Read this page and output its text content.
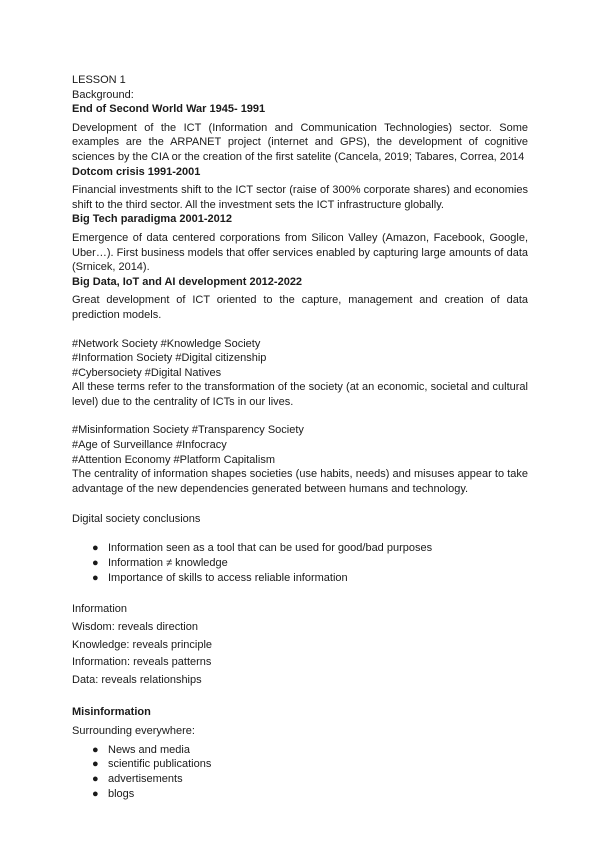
LESSON 1
Background:
End of Second World War 1945- 1991
Development of the ICT (Information and Communication Technologies) sector. Some examples are the ARPANET project (internet and GPS), the development of cognitive sciences by the CIA or the creation of the first satelite (Cancela, 2019; Tabares, Correa, 2014
Dotcom crisis 1991-2001
Financial investments shift to the ICT sector (raise of 300% corporate shares) and economies shift to the third sector. All the investment sets the ICT infrastructure globally.
Big Tech paradigma 2001-2012
Emergence of data centered corporations from Silicon Valley (Amazon, Facebook, Google, Uber…). First business models that offer services enabled by capturing large amounts of data (Srnicek, 2014).
Big Data, IoT and AI development 2012-2022
Great development of ICT oriented to the capture, management and creation of data prediction models.
#Network Society #Knowledge Society
#Information Society #Digital citizenship
#Cybersociety #Digital Natives
All these terms refer to the transformation of the society (at an economic, societal and cultural level) due to the centrality of ICTs in our lives.
#Misinformation Society #Transparency Society
#Age of Surveillance #Infocracy
#Attention Economy #Platform Capitalism
The centrality of information shapes societies (use habits, needs) and misuses appear to take advantage of the new dependencies generated between humans and technology.
Digital society conclusions
● Information seen as a tool that can be used for good/bad purposes
● Information ≠ knowledge
● Importance of skills to access reliable information
Information
Wisdom: reveals direction
Knowledge: reveals principle
Information: reveals patterns
Data: reveals relationships
Misinformation
Surrounding everywhere:
● News and media
● scientific publications
● advertisements
● blogs
